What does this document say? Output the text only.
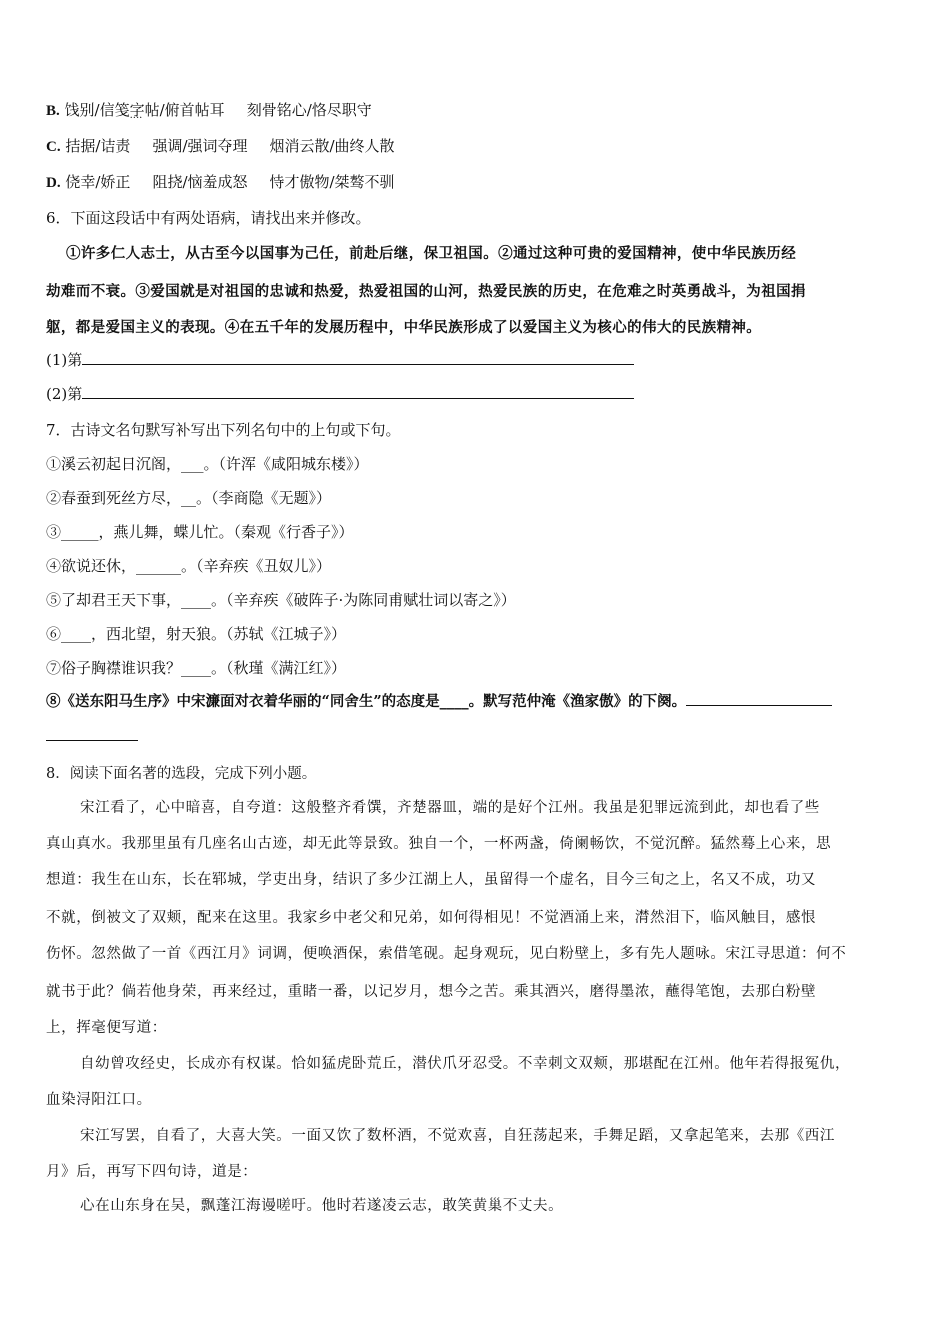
B. 饯别/信笺字帖 ..../俯首帖耳 刻骨铭心/恪尽职守
C. 拮据/诘责 强调/强词夺理 烟消云散/曲终人散
D. 侥幸/娇正 阻挠/恼羞成怒 恃才傲物/桀骜不驯
6．下面这段话中有两处语病，请找出来并修改。
①许多仁人志士，从古至今以国事为己任，前赴后继，保卫祖国。②通过这种可贵的爱国精神，使中华民族历经
劫难而不衰。③爱国就是对祖国的忠诚和热爱，热爱祖国的山河，热爱民族的历史，在危难之时英勇战斗，为祖国捐
躯，都是爱国主义的表现。④在五千年的发展历程中，中华民族形成了以爱国主义为核心的伟大的民族精神。
(1)第
(2)第
7．古诗文名句默写补写出下列名句中的上句或下句。
①溪云初起日沉阁，___。（许浑《咸阳城东楼》）
②春蚕到死丝方尽，__。（李商隐《无题》）
③_____，燕儿舞，蝶儿忙。（秦观《行香子》）
④欲说还休，______。（辛弃疾《丑奴儿》）
⑤了却君王天下事，____。（辛弃疾《破阵子·为陈同甫赋壮词以寄之》）
⑥____，西北望，射天狼。（苏轼《江城子》）
⑦俗子胸襟谁识我？____。（秋瑾《满江红》）
⑧《送东阳马生序》中宋濂面对衣着华丽的“同舍生”的态度是____。默写范仲淹《渔家傲》的下阕。
8．阅读下面名著的选段，完成下列小题。
宋江看了，心中暗喜，自夸道：这般整齐肴馔，齐楚器皿，端的是好个江州。我虽是犯罪远流到此，却也看了些
真山真水。我那里虽有几座名山古迹，却无此等景致。独自一个，一杯两盏，倚阑畅饮，不觉沉醉。猛然蓦上心来，思
想道：我生在山东，长在郓城，学吏出身，结识了多少江湖上人，虽留得一个虚名，目今三旬之上，名又不成，功又
不就，倒被文了双颊，配来在这里。我家乡中老父和兄弟，如何得相见！不觉酒涌上来，潸然泪下，临风触目，感恨
伤怀。忽然做了一首《西江月》词调，便唤酒保，索借笔砚。起身观玩，见白粉壁上，多有先人题咏。宋江寻思道：何不
就书于此？倘若他身荣，再来经过，重睹一番，以记岁月，想今之苦。乘其酒兴，磨得墨浓，蘸得笔饱，去那白粉壁
上，挥毫便写道：
自幼曾攻经史，长成亦有权谋。恰如猛虎卧荒丘，潜伏爪牙忍受。不幸刺文双颊，那堪配在江州。他年若得报冤仇，
血染浔阳江口。
宋江写罢，自看了，大喜大笑。一面又饮了数杯酒，不觉欢喜，自狂荡起来，手舞足蹈，又拿起笔来，去那《西江
月》后，再写下四句诗，道是：
心在山东身在吴，飘蓬江海谩嗟吁。他时若遂凌云志，敢笑黄巢不丈夫。
